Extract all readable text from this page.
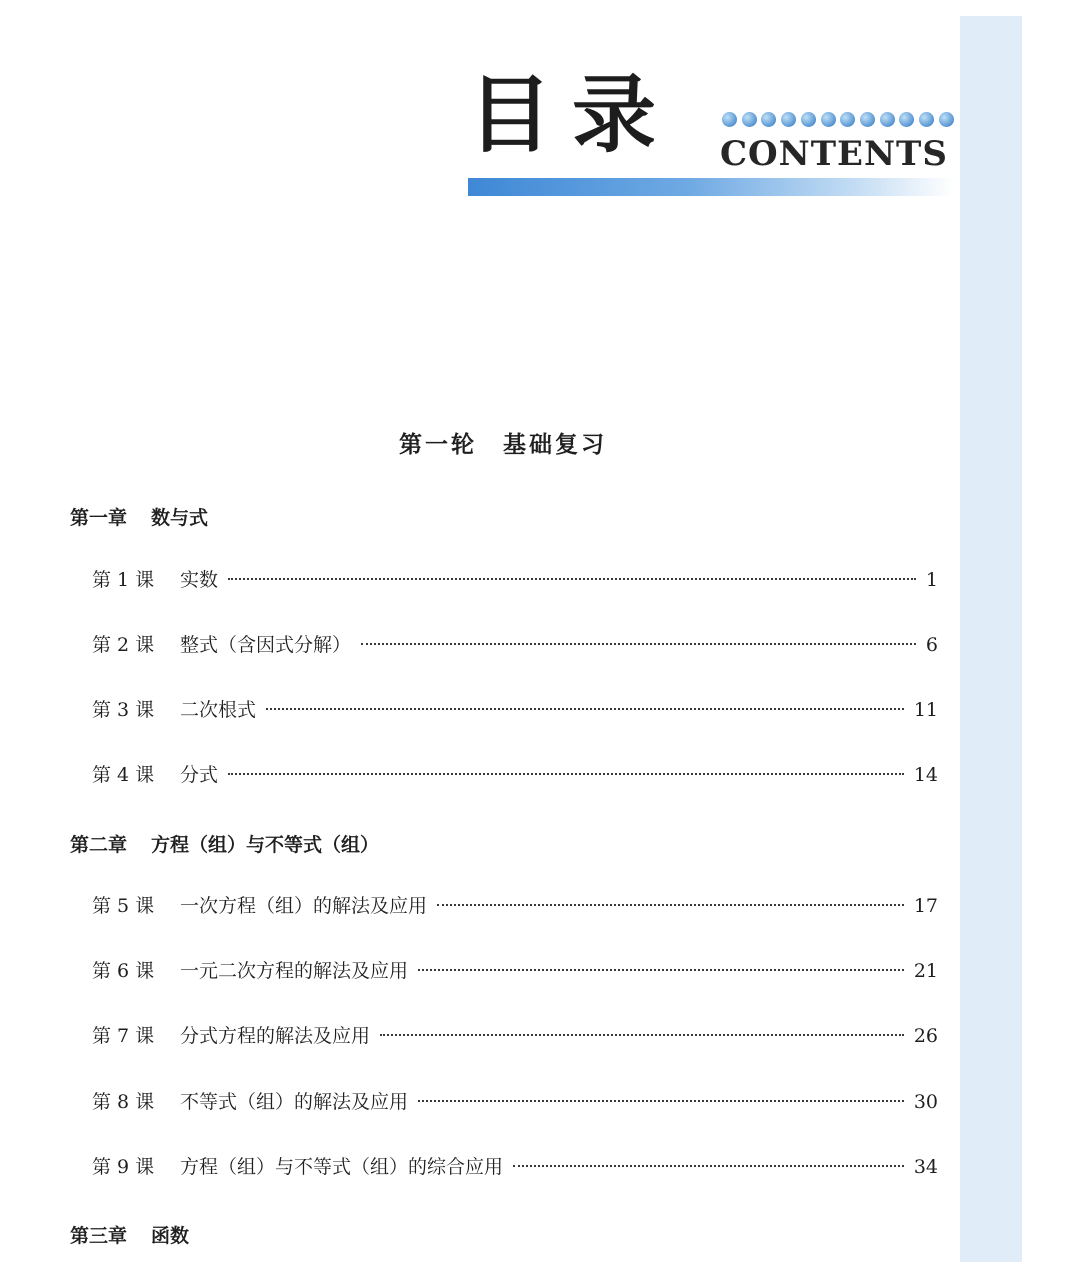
目录 CONTENTS
第一轮　基础复习
第一章 数与式
第 1 课	实数	1
第 2 课	整式（含因式分解）	6
第 3 课	二次根式	11
第 4 课	分式	14
第二章 方程（组）与不等式（组）
第 5 课	一次方程（组）的解法及应用	17
第 6 课	一元二次方程的解法及应用	21
第 7 课	分式方程的解法及应用	26
第 8 课	不等式（组）的解法及应用	30
第 9 课	方程（组）与不等式（组）的综合应用	34
第三章 函数
